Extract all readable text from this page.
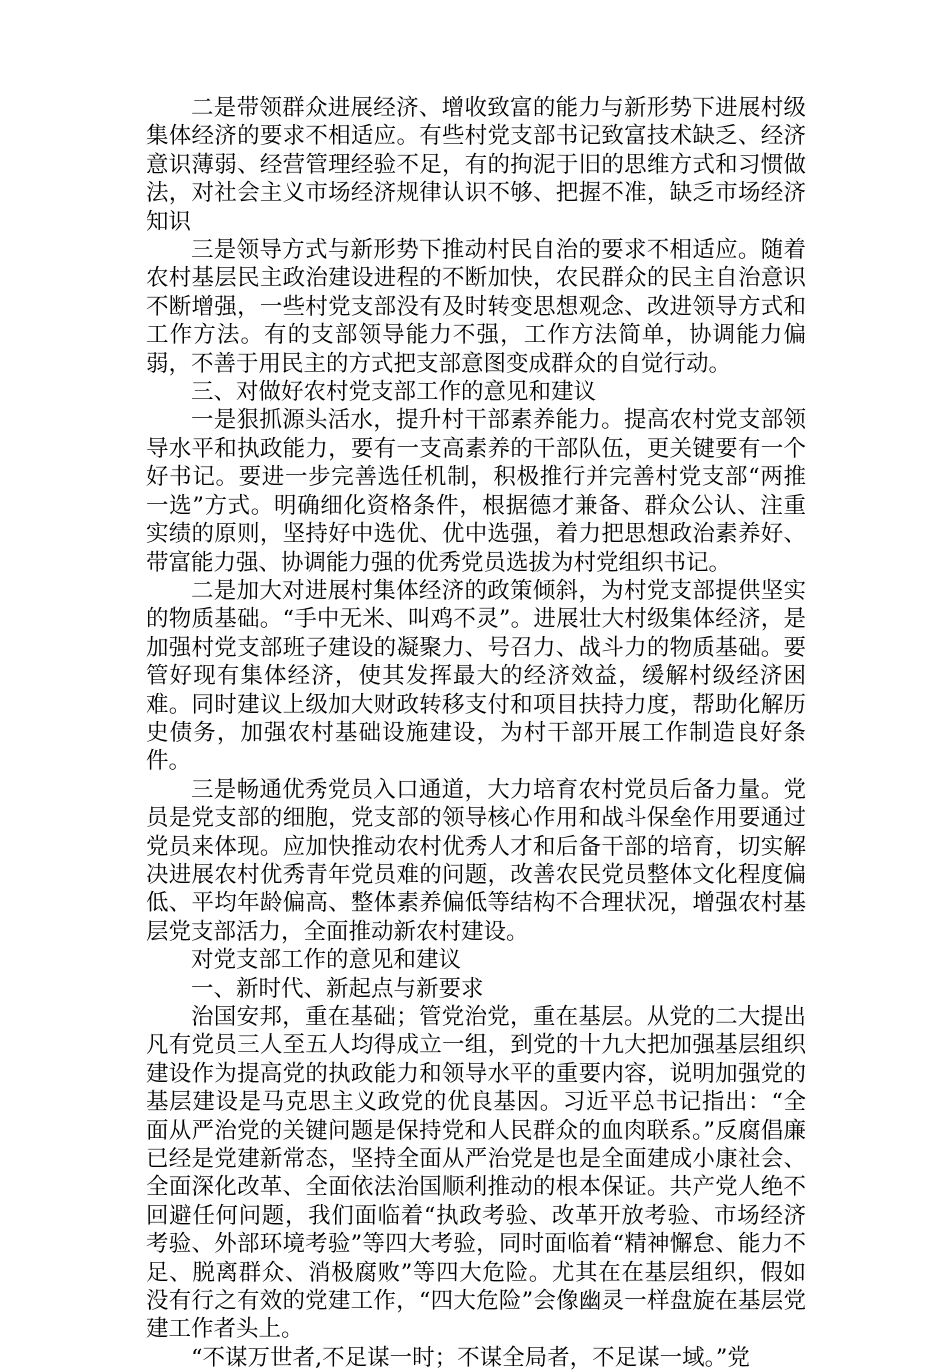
二是带领群众进展经济、增收致富的能力与新形势下进展村级集体经济的要求不相适应。有些村党支部书记致富技术缺乏、经济意识薄弱、经营管理经验不足，有的拘泥于旧的思维方式和习惯做法，对社会主义市场经济规律认识不够、把握不准，缺乏市场经济知识

三是领导方式与新形势下推动村民自治的要求不相适应。随着农村基层民主政治建设进程的不断加快，农民群众的民主自治意识不断增强，一些村党支部没有及时转变思想观念、改进领导方式和工作方法。有的支部领导能力不强，工作方法简单，协调能力偏弱，不善于用民主的方式把支部意图变成群众的自觉行动。

三、对做好农村党支部工作的意见和建议

一是狠抓源头活水，提升村干部素养能力。提高农村党支部领导水平和执政能力，要有一支高素养的干部队伍，更关键要有一个好书记。要进一步完善选任机制，积极推行并完善村党支部“两推一选”方式。明确细化资格条件，根据德才兼备、群众公认、注重实绩的原则，坚持好中选优、优中选强，着力把思想政治素养好、带富能力强、协调能力强的优秀党员选拔为村党组织书记。

二是加大对进展村集体经济的政策倾斜，为村党支部提供坚实的物质基础。“手中无米、叫鸡不灵”。进展壮大村级集体经济，是加强村党支部班子建设的凝聚力、号召力、战斗力的物质基础。要管好现有集体经济，使其发挥最大的经济效益，缓解村级经济困难。同时建议上级加大财政转移支付和项目扶持力度，帮助化解历史债务，加强农村基础设施建设，为村干部开展工作制造良好条件。

三是畅通优秀党员入口通道，大力培育农村党员后备力量。党员是党支部的细胞，党支部的领导核心作用和战斗保垒作用要通过党员来体现。应加快推动农村优秀人才和后备干部的培育，切实解决进展农村优秀青年党员难的问题，改善农民党员整体文化程度偏低、平均年龄偏高、整体素养偏低等结构不合理状况，增强农村基层党支部活力，全面推动新农村建设。

对党支部工作的意见和建议

一、新时代、新起点与新要求

治国安邦，重在基础；管党治党，重在基层。从党的二大提出凡有党员三人至五人均得成立一组，到党的十九大把加强基层组织建设作为提高党的执政能力和领导水平的重要内容，说明加强党的基层建设是马克思主义政党的优良基因。习近平总书记指出：“全面从严治党的关键问题是保持党和人民群众的血肉联系。”反腐倡廉已经是党建新常态，坚持全面从严治党是也是全面建成小康社会、全面深化改革、全面依法治国顺利推动的根本保证。共产党人绝不回避任何问题，我们面临着“执政考验、改革开放考验、市场经济考验、外部环境考验”等四大考验，同时面临着“精神懈怠、能力不足、脱离群众、消极腐败”等四大危险。尤其在在基层组织，假如没有行之有效的党建工作，“四大危险”会像幽灵一样盘旋在基层党建工作者头上。

“不谋万世者,不足谋一时；不谋全局者，不足谋一域。”党
